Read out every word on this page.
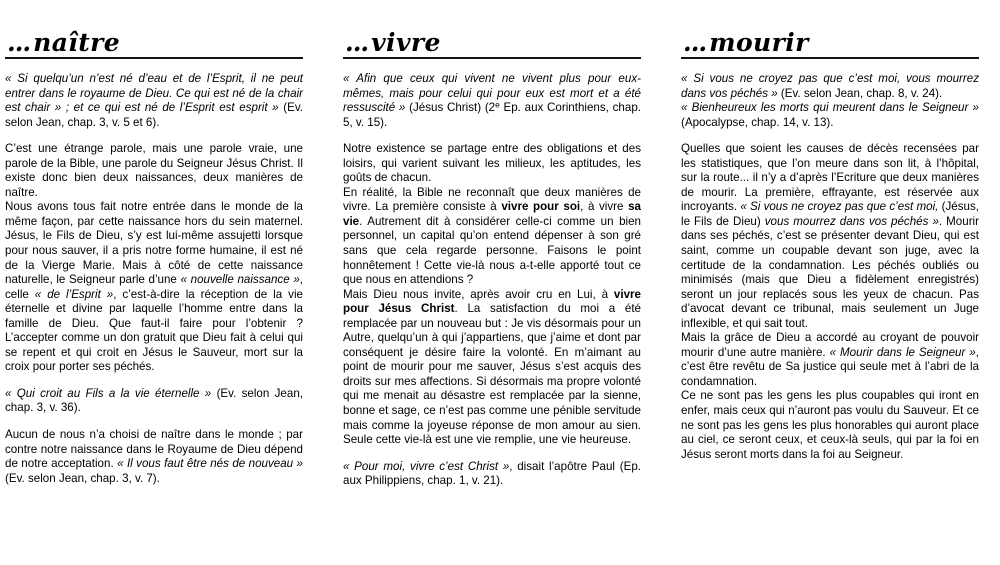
... naître

« Si quelqu’un n’est né d’eau et de l’Esprit, il ne peut entrer dans le royaume de Dieu. Ce qui est né de la chair est chair » ; et ce qui est né de l’Esprit est esprit » (Ev. selon Jean, chap. 3, v. 5 et 6).

C’est une étrange parole, mais une parole vraie, une parole de la Bible, une parole du Seigneur Jésus Christ. Il existe donc bien deux naissances, deux manières de naître.

Nous avons tous fait notre entrée dans le monde de la même façon, par cette naissance hors du sein maternel. Jésus, le Fils de Dieu, s’y est lui-même assujetti lorsque pour nous sauver, il a pris notre forme humaine, il est né de la Vierge Marie. Mais à côté de cette naissance naturelle, le Seigneur parle d’une « nouvelle naissance », celle « de l’Esprit », c’est-à-dire la réception de la vie éternelle et divine par laquelle l’homme entre dans la famille de Dieu. Que faut-il faire pour l’obtenir ? L’accepter comme un don gratuit que Dieu fait à celui qui se repent et qui croit en Jésus le Sauveur, mort sur la croix pour porter ses péchés.

« Qui croit au Fils a la vie éternelle » (Ev. selon Jean, chap. 3, v. 36).

Aucun de nous n’a choisi de naître dans le monde ; par contre notre naissance dans le Royaume de Dieu dépend de notre acceptation. « Il vous faut être nés de nouveau » (Ev. selon Jean, chap. 3, v. 7).

... vivre

« Afin que ceux qui vivent ne vivent plus pour eux-mêmes, mais pour celui qui pour eux est mort et a été ressuscité » (Jésus Christ) (2e Ep. aux Corinthiens, chap. 5, v. 15).

Notre existence se partage entre des obligations et des loisirs, qui varient suivant les milieux, les aptitudes, les goûts de chacun.

En réalité, la Bible ne reconnaît que deux manières de vivre. La première consiste à vivre pour soi, à vivre sa vie. Autrement dit à considérer celle-ci comme un bien personnel, un capital qu’on entend dépenser à son gré sans que cela regarde personne. Faisons le point honnêtement ! Cette vie-là nous a-t-elle apporté tout ce que nous en attendions ?

Mais Dieu nous invite, après avoir cru en Lui, à vivre pour Jésus Christ. La satisfaction du moi a été remplacée par un nouveau but : Je vis désormais pour un Autre, quelqu’un à qui j’appartiens, que j’aime et dont par conséquent je désire faire la volonté. En m’aimant au point de mourir pour me sauver, Jésus s’est acquis des droits sur mes affections. Si désormais ma propre volonté qui me menait au désastre est remplacée par la sienne, bonne et sage, ce n’est pas comme une pénible servitude mais comme la joyeuse réponse de mon amour au sien. Seule cette vie-là est une vie remplie, une vie heureuse.

« Pour moi, vivre c’est Christ », disait l’apôtre Paul (Ep. aux Philippiens, chap. 1, v. 21).

... mourir

« Si vous ne croyez pas que c’est moi, vous mourrez dans vos péchés » (Ev. selon Jean, chap. 8, v. 24).

« Bienheureux les morts qui meurent dans le Seigneur » (Apocalypse, chap. 14, v. 13).

Quelles que soient les causes de décès recensées par les statistiques, que l’on meure dans son lit, à l’hôpital, sur la route... il n’y a d’après l’Ecriture que deux manières de mourir. La première, effrayante, est réservée aux incroyants. « Si vous ne croyez pas que c’est moi, (Jésus, le Fils de Dieu) vous mourrez dans vos péchés ». Mourir dans ses péchés, c’est se présenter devant Dieu, qui est saint, comme un coupable devant son juge, avec la certitude de la condamnation. Les péchés oubliés ou minimisés (mais que Dieu a fidèlement enregistrés) seront un jour replacés sous les yeux de chacun. Pas d’avocat devant ce tribunal, mais seulement un Juge inflexible, et qui sait tout.

Mais la grâce de Dieu a accordé au croyant de pouvoir mourir d’une autre manière. « Mourir dans le Seigneur », c’est être revêtu de Sa justice qui seule met à l’abri de la condamnation.

Ce ne sont pas les gens les plus coupables qui iront en enfer, mais ceux qui n’auront pas voulu du Sauveur. Et ce ne sont pas les gens les plus honorables qui auront place au ciel, ce seront ceux, et ceux-là seuls, qui par la foi en Jésus seront morts dans la foi au Seigneur.
